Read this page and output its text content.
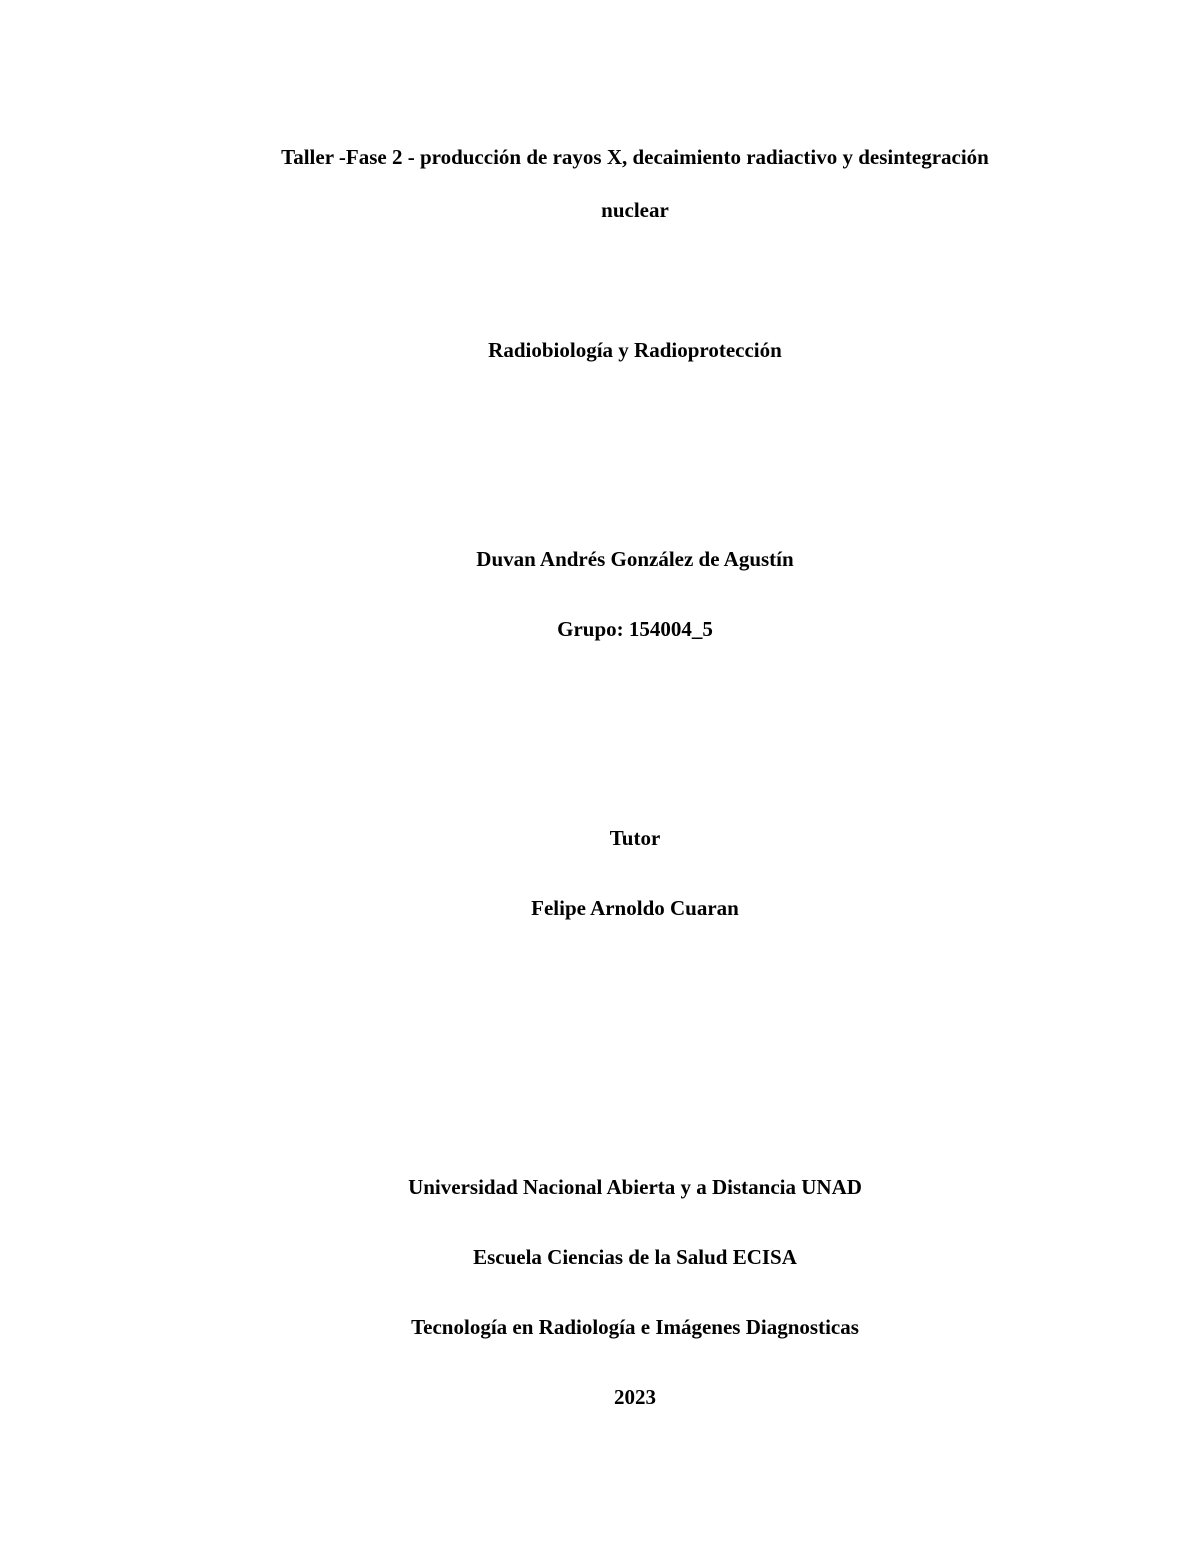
Taller -Fase 2 - producción de rayos X, decaimiento radiactivo y desintegración
nuclear
Radiobiología y Radioprotección
Duvan Andrés González de Agustín
Grupo: 154004_5
Tutor
Felipe Arnoldo Cuaran
Universidad Nacional Abierta y a Distancia UNAD
Escuela Ciencias de la Salud ECISA
Tecnología en Radiología e Imágenes Diagnosticas
2023
